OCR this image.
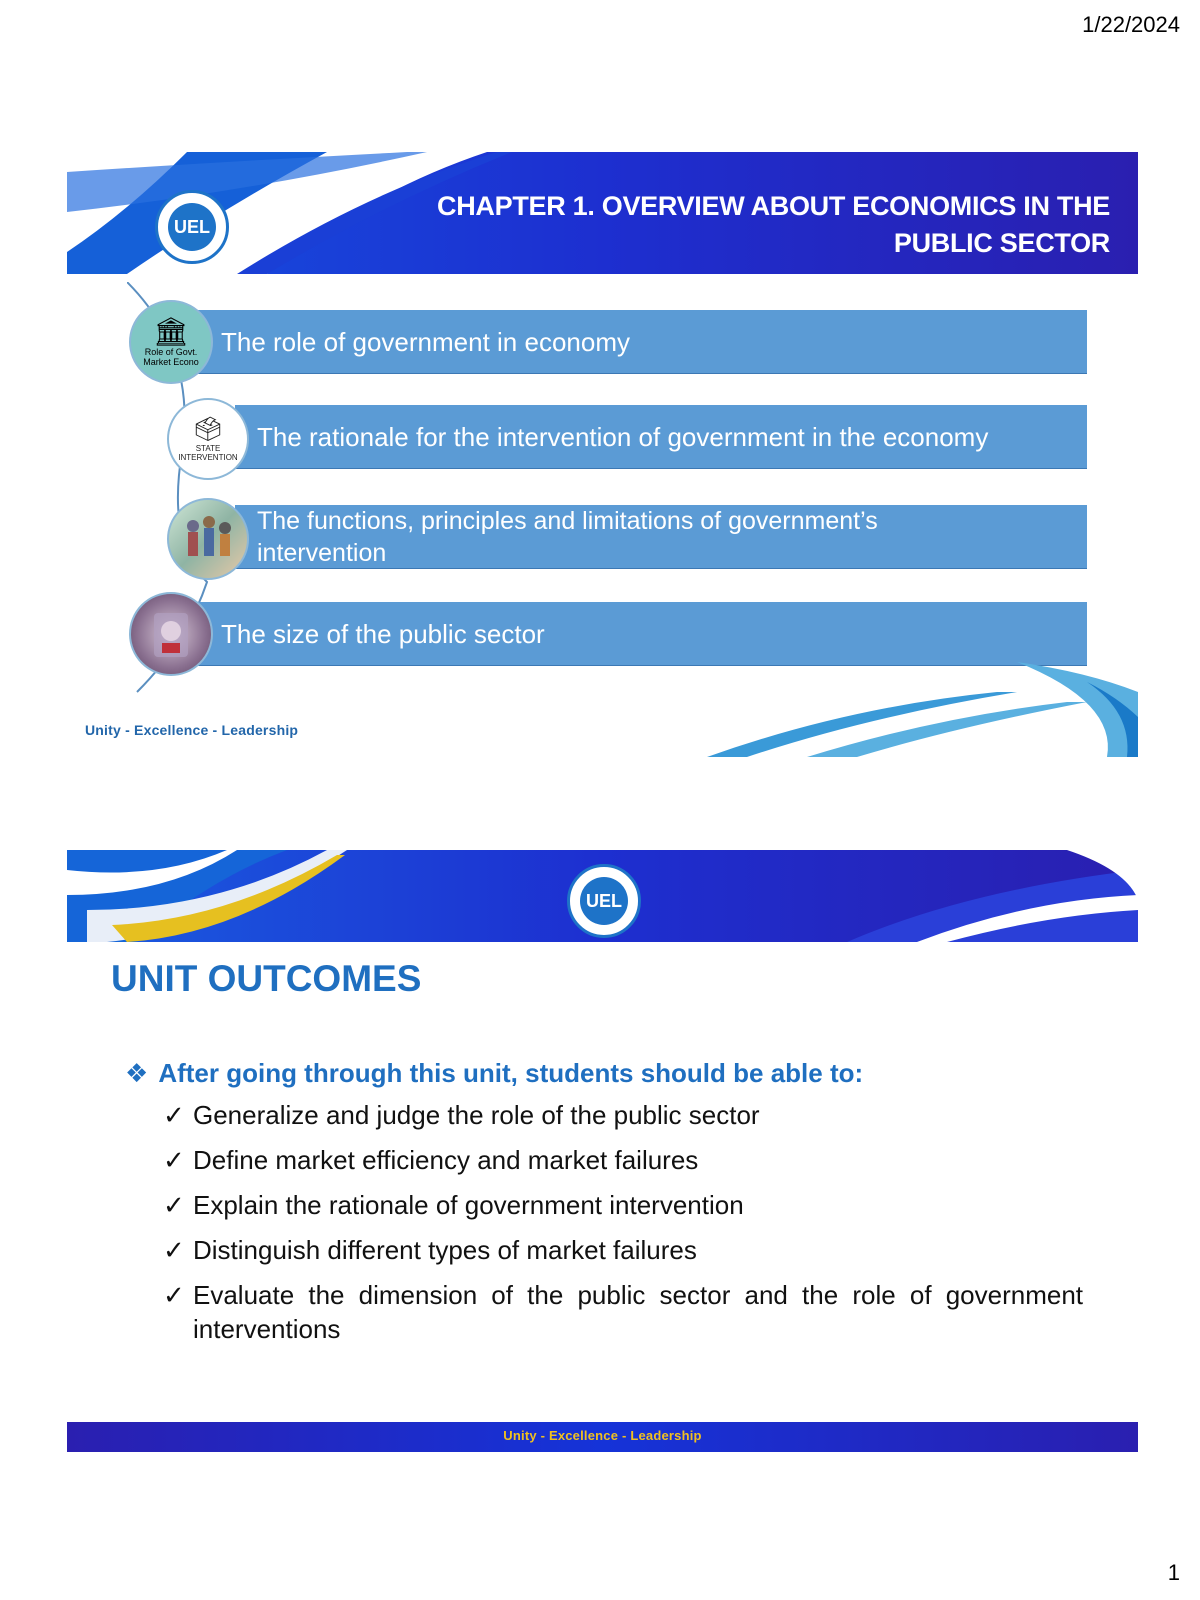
1/22/2024
UEL
CHAPTER 1. OVERVIEW ABOUT ECONOMICS IN THE PUBLIC SECTOR
The role of government in economy
🏛
Role of Govt. Market Econo
The rationale for the intervention of government in the economy
🗳
STATE INTERVENTION
The functions, principles and limitations of government’s intervention
The size of the public sector
Unity - Excellence - Leadership
UEL
UNIT OUTCOMES
❖ After going through this unit, students should be able to:
✓ Generalize and judge the role of the public sector
✓ Define market efficiency and market failures
✓ Explain the rationale of government intervention
✓ Distinguish different types of market failures
✓ Evaluate the dimension of the public sector and the role of government interventions
Unity - Excellence - Leadership
1
